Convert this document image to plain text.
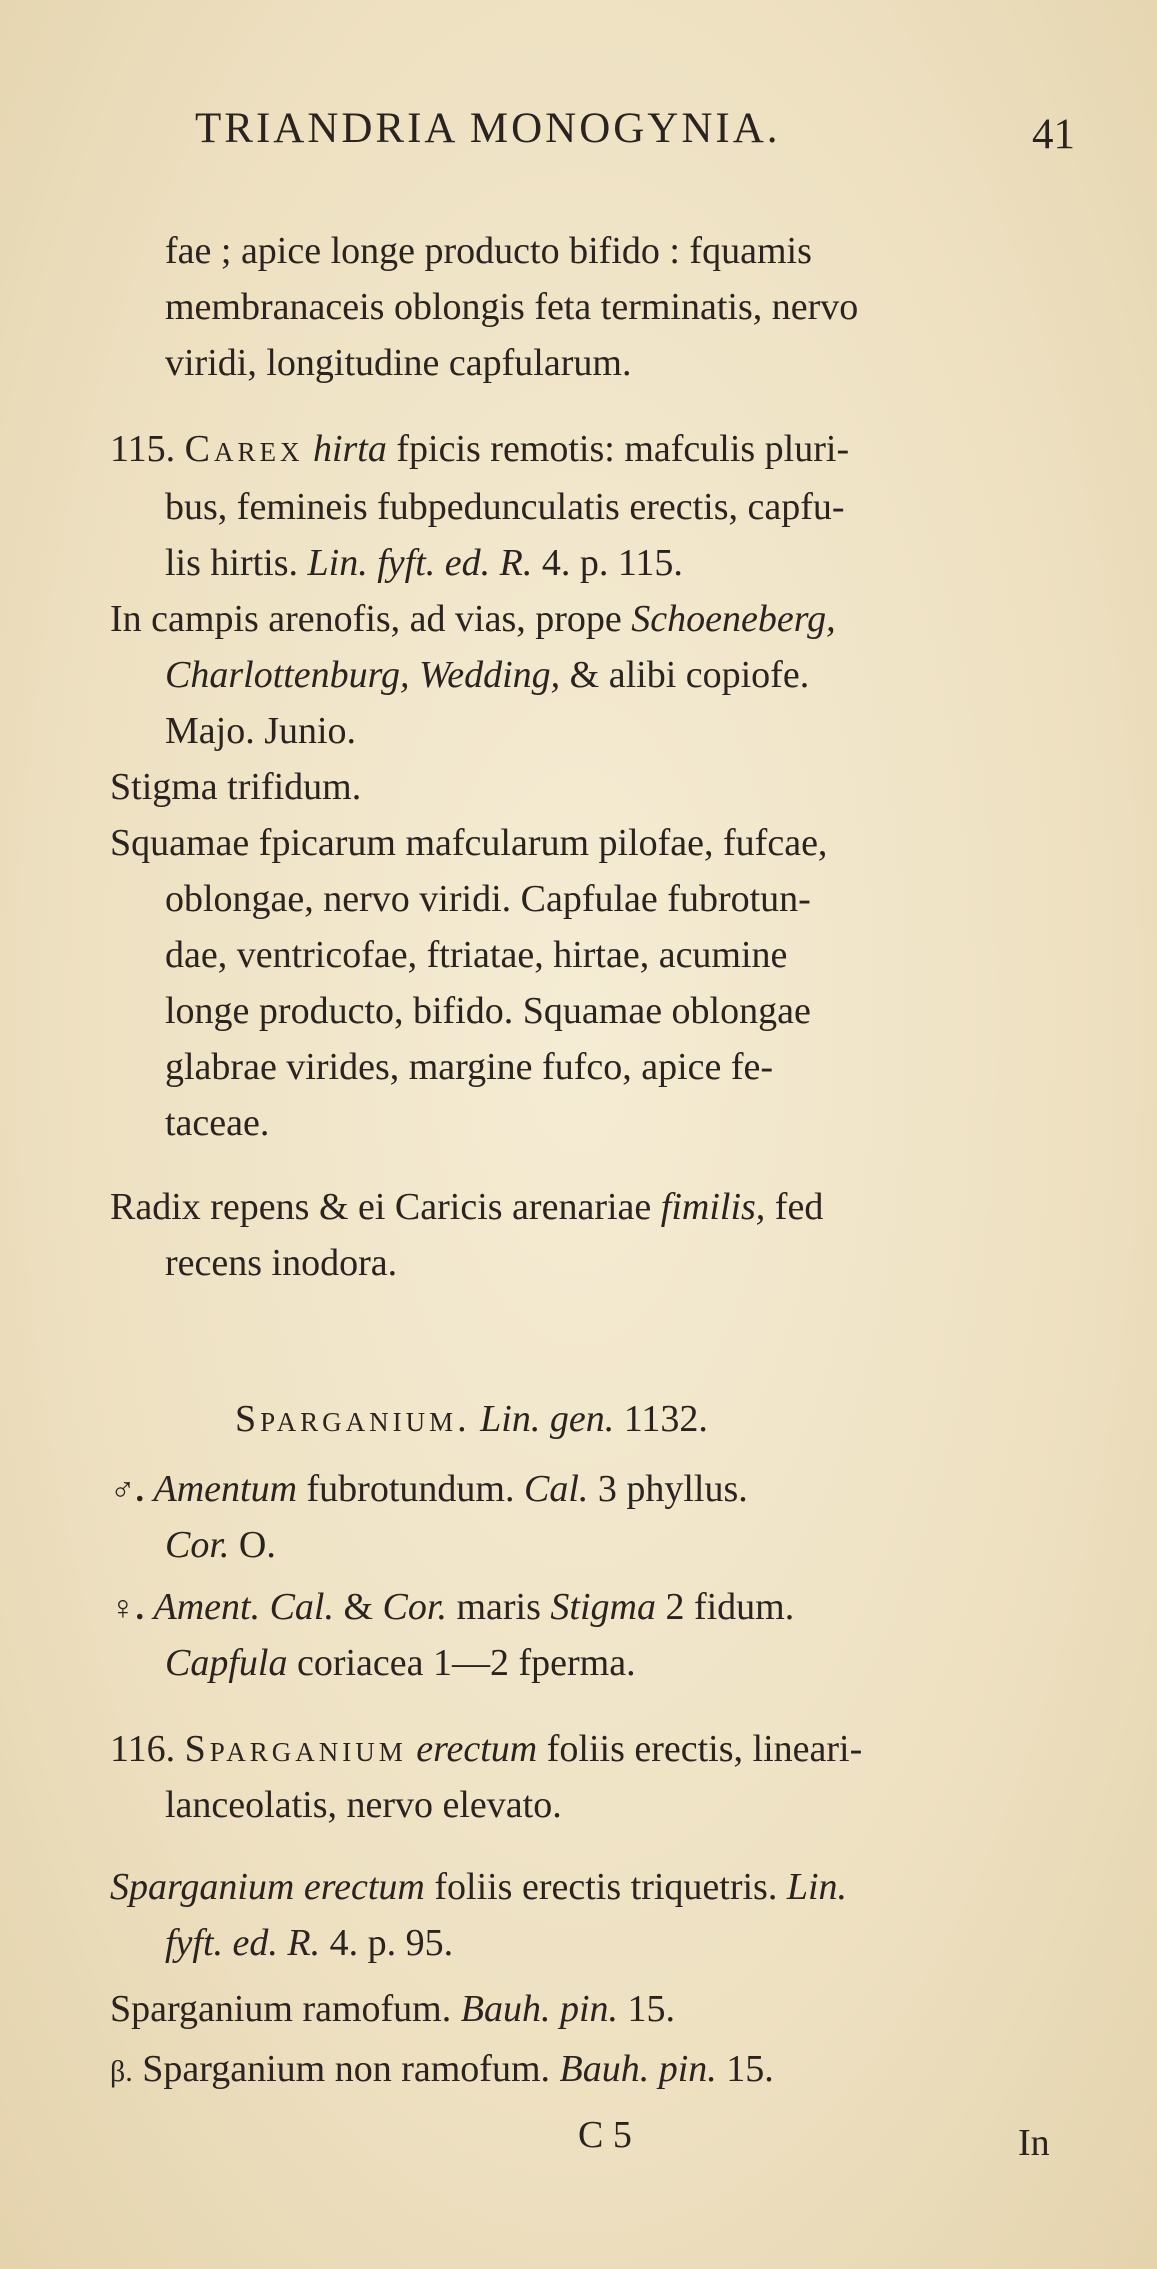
TRIANDRIA MONOGYNIA.	41
fae ; apice longe producto bifido : fquamis
membranaceis oblongis feta terminatis, nervo
viridi, longitudine capfularum.
115. Carex hirta fpicis remotis: mafculis pluri-
bus, femineis fubpedunculatis erectis, capfu-
lis hirtis. Lin. fyft. ed. R. 4. p. 115.
In campis arenofis, ad vias, prope Schoeneberg,
Charlottenburg, Wedding, & alibi copiofe.
Majo. Junio.
Stigma trifidum.
Squamae fpicarum mafcularum pilofae, fufcae,
oblongae, nervo viridi. Capfulae fubrotun-
dae, ventricofae, ftriatae, hirtae, acumine
longe producto, bifido. Squamae oblongae
glabrae virides, margine fufco, apice fe-
taceae.
Radix repens & ei Caricis arenariae fimilis, fed
recens inodora.
Sparganium. Lin. gen. 1132.
♂. Amentum fubrotundum. Cal. 3 phyllus.
Cor. O.
♀. Ament. Cal. & Cor. maris Stigma 2 fidum.
Capfula coriacea 1—2 fperma.
116. Sparganium erectum foliis erectis, lineari-
lanceolatis, nervo elevato.
Sparganium erectum foliis erectis triquetris. Lin.
fyft. ed. R. 4. p. 95.
Sparganium ramofum. Bauh. pin. 15.
β. Sparganium non ramofum. Bauh. pin. 15.
C 5	In
